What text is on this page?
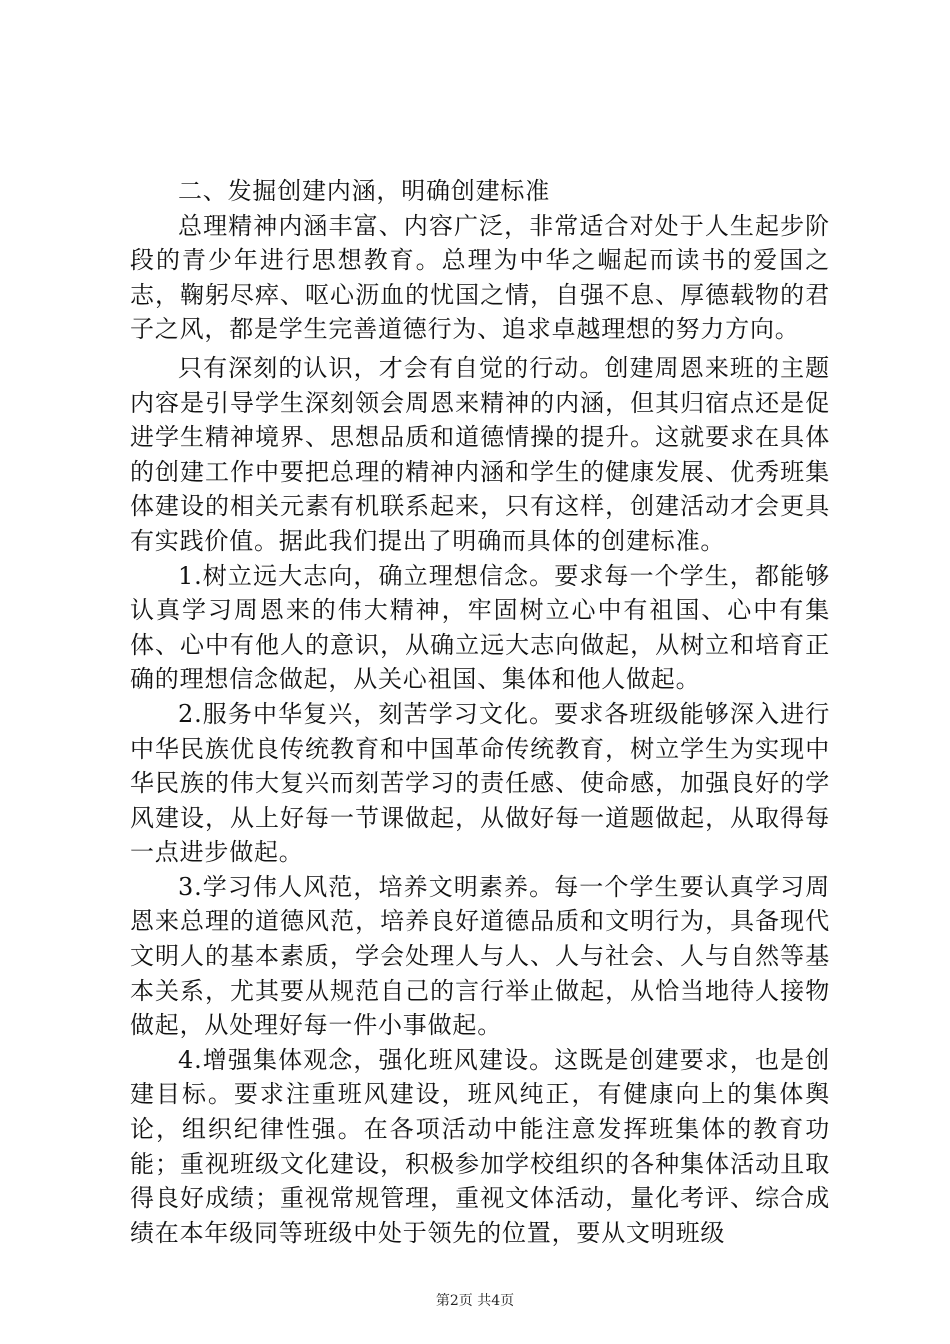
二、发掘创建内涵，明确创建标准

总理精神内涵丰富、内容广泛，非常适合对处于人生起步阶段的青少年进行思想教育。总理为中华之崛起而读书的爱国之志，鞠躬尽瘁、呕心沥血的忧国之情，自强不息、厚德载物的君子之风，都是学生完善道德行为、追求卓越理想的努力方向。

只有深刻的认识，才会有自觉的行动。创建周恩来班的主题内容是引导学生深刻领会周恩来精神的内涵，但其归宿点还是促进学生精神境界、思想品质和道德情操的提升。这就要求在具体的创建工作中要把总理的精神内涵和学生的健康发展、优秀班集体建设的相关元素有机联系起来，只有这样，创建活动才会更具有实践价值。据此我们提出了明确而具体的创建标准。

1.树立远大志向，确立理想信念。要求每一个学生，都能够认真学习周恩来的伟大精神，牢固树立心中有祖国、心中有集体、心中有他人的意识，从确立远大志向做起，从树立和培育正确的理想信念做起，从关心祖国、集体和他人做起。

2.服务中华复兴，刻苦学习文化。要求各班级能够深入进行中华民族优良传统教育和中国革命传统教育，树立学生为实现中华民族的伟大复兴而刻苦学习的责任感、使命感，加强良好的学风建设，从上好每一节课做起，从做好每一道题做起，从取得每一点进步做起。

3.学习伟人风范，培养文明素养。每一个学生要认真学习周恩来总理的道德风范，培养良好道德品质和文明行为，具备现代文明人的基本素质，学会处理人与人、人与社会、人与自然等基本关系，尤其要从规范自己的言行举止做起，从恰当地待人接物做起，从处理好每一件小事做起。

4.增强集体观念，强化班风建设。这既是创建要求，也是创建目标。要求注重班风建设，班风纯正，有健康向上的集体舆论，组织纪律性强。在各项活动中能注意发挥班集体的教育功能；重视班级文化建设，积极参加学校组织的各种集体活动且取得良好成绩；重视常规管理，重视文体活动，量化考评、综合成绩在本年级同等班级中处于领先的位置，要从文明班级

第2页 共4页
